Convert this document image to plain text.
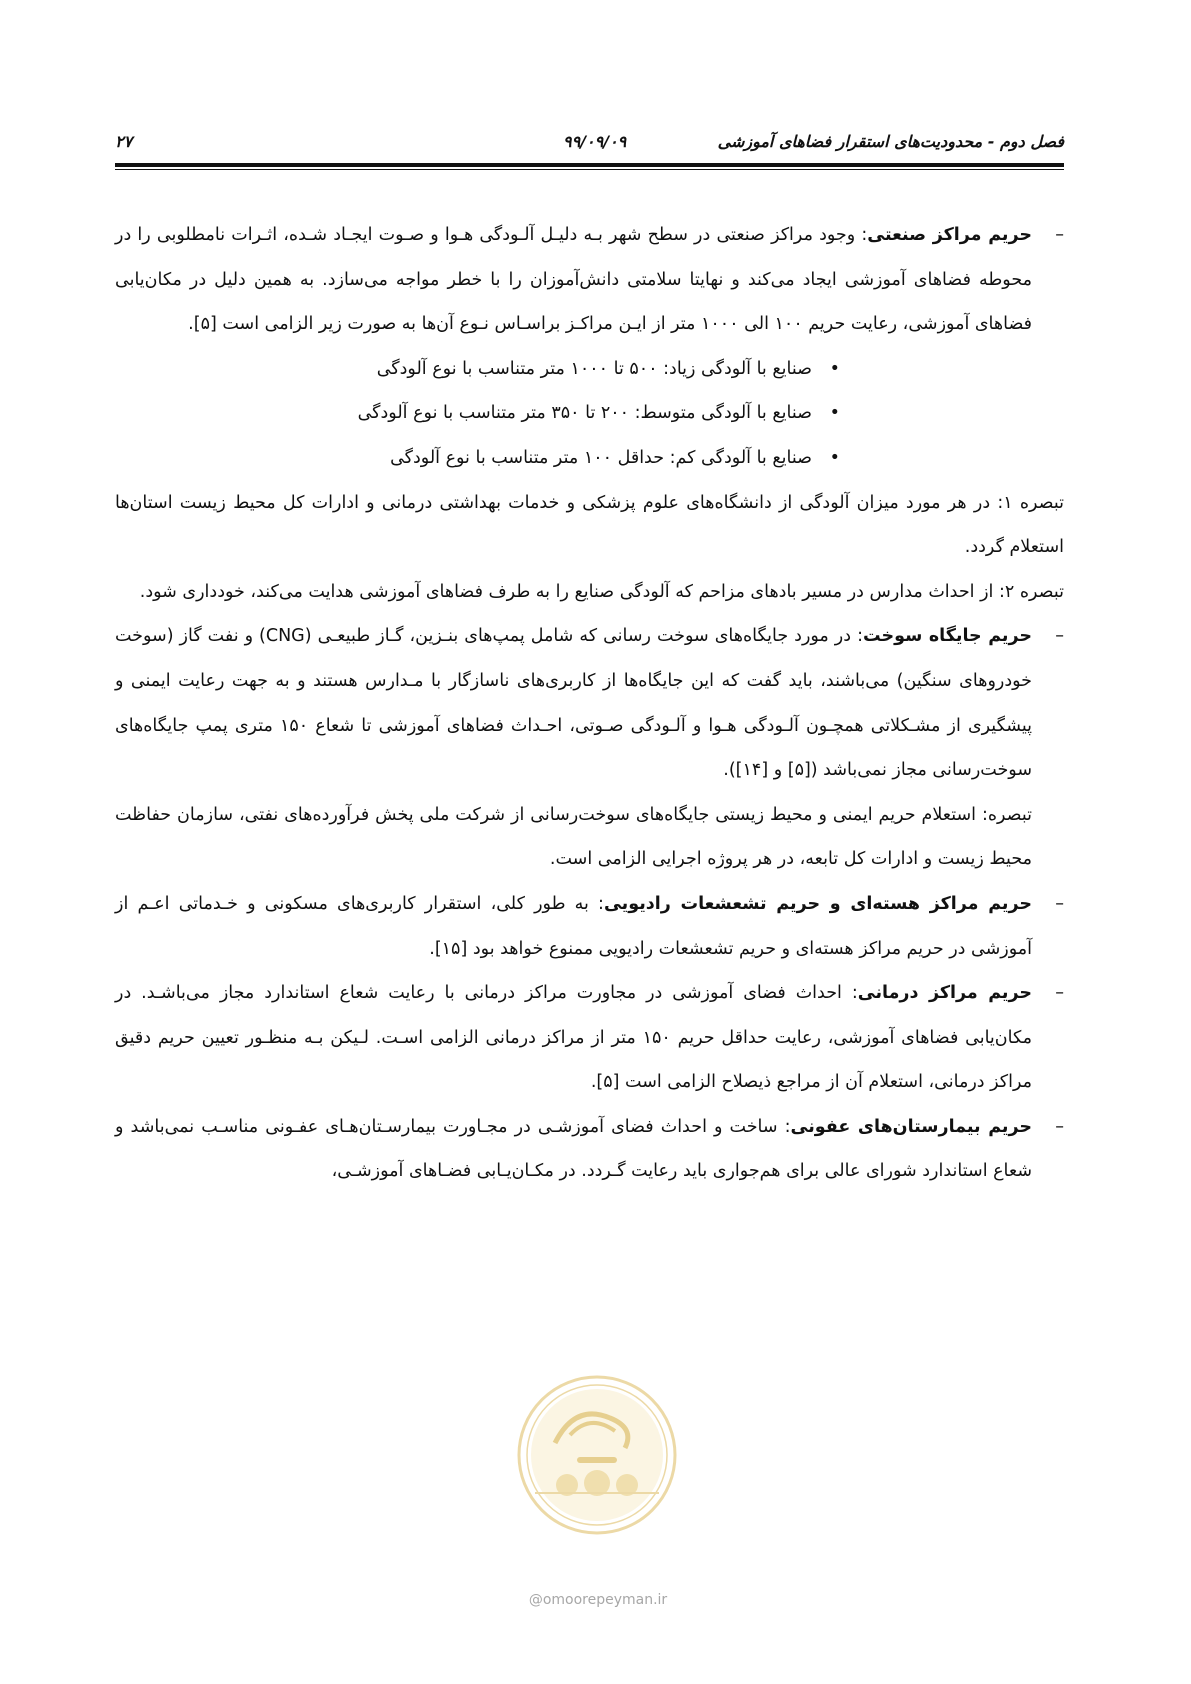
فصل دوم - محدودیت‌های استقرار فضاهای آموزشی
۹۹/۰۹/۰۹
۲۷

–
حریم مراکز صنعتی: وجود مراکز صنعتی در سطح شهر بـه دلیـل آلـودگی هـوا و صـوت ایجـاد شـده، اثـرات نامطلوبی را در محوطه فضاهای آموزشی ایجاد می‌کند و نهایتا سلامتی دانش‌آموزان را با خطر مواجه می‌سازد. به همین دلیل در مکان‌یابی فضاهای آموزشی، رعایت حریم ۱۰۰ الی ۱۰۰۰ متر از ایـن مراکـز براسـاس نـوع آن‌ها به صورت زیر الزامی است [۵].

•
صنایع با آلودگی زیاد: ۵۰۰ تا ۱۰۰۰ متر متناسب با نوع آلودگی
•
صنایع با آلودگی متوسط: ۲۰۰ تا ۳۵۰ متر متناسب با نوع آلودگی
•
صنایع با آلودگی کم: حداقل ۱۰۰ متر متناسب با نوع آلودگی

تبصره ۱: در هر مورد میزان آلودگی از دانشگاه‌های علوم پزشکی و خدمات بهداشتی درمانی و ادارات کل محیط زیست استان‌ها استعلام گردد.

تبصره ۲: از احداث مدارس در مسیر بادهای مزاحم که آلودگی صنایع را به طرف فضاهای آموزشی هدایت می‌کند، خودداری شود.

–
حریم جایگاه سوخت: در مورد جایگاه‌های سوخت رسانی که شامل پمپ‌های بنـزین، گـاز طبیعـی (CNG) و نفت گاز (سوخت خودروهای سنگین) می‌باشند، باید گفت که این جایگاه‌ها از کاربری‌های ناسازگار با مـدارس هستند و به جهت رعایت ایمنی و پیشگیری از مشـکلاتی همچـون آلـودگی هـوا و آلـودگی صـوتی، احـداث فضاهای آموزشی تا شعاع ۱۵۰ متری پمپ جایگاه‌های سوخت‌رسانی مجاز نمی‌باشد ([۵] و [۱۴]).

تبصره: استعلام حریم ایمنی و محیط زیستی جایگاه‌های سوخت‌رسانی از شرکت ملی پخش فرآورده‌های نفتی، سازمان حفاظت محیط زیست و ادارات کل تابعه، در هر پروژه اجرایی الزامی است.

–
حریم مراکز هسته‌ای و حریم تشعشعات رادیویی: به طور کلی، استقرار کاربری‌های مسکونی و خـدماتی اعـم از آموزشی در حریم مراکز هسته‌ای و حریم تشعشعات رادیویی ممنوع خواهد بود [۱۵].

–
حریم مراکز درمانی: احداث فضای آموزشی در مجاورت مراکز درمانی با رعایت شعاع استاندارد مجاز می‌باشـد. در مکان‌یابی فضاهای آموزشی، رعایت حداقل حریم ۱۵۰ متر از مراکز درمانی الزامی اسـت. لـیکن بـه منظـور تعیین حریم دقیق مراکز درمانی، استعلام آن از مراجع ذیصلاح الزامی است [۵].

–
حریم بیمارستان‌های عفونی: ساخت و احداث فضای آموزشـی در مجـاورت بیمارسـتان‌هـای عفـونی مناسـب نمی‌باشد و شعاع استاندارد شورای عالی برای هم‌جواری باید رعایت گـردد. در مکـان‌یـابی فضـاهای آموزشـی،

@omoorepeyman.ir
